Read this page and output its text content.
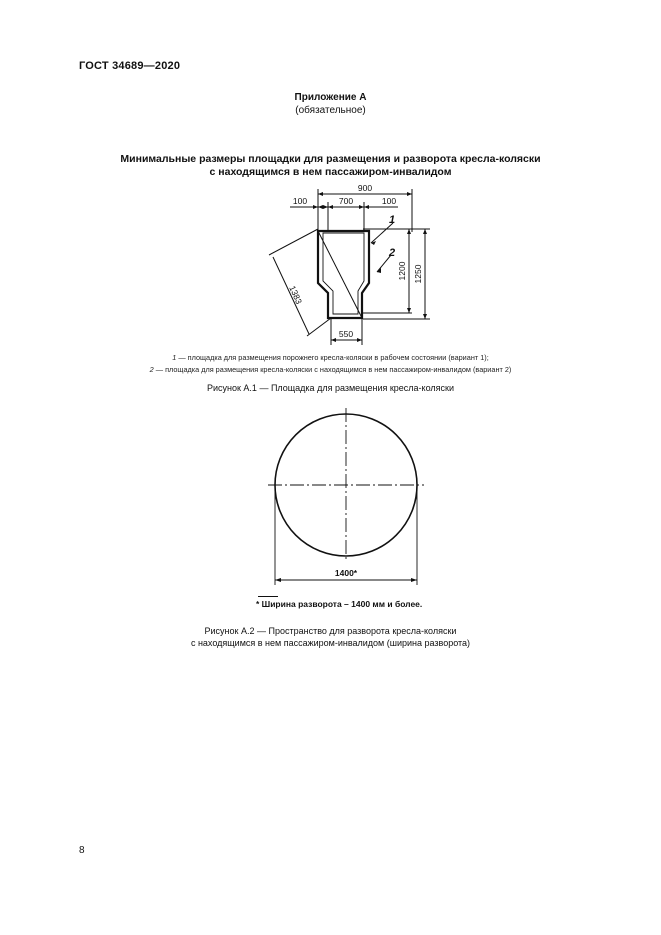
ГОСТ 34689—2020
Приложение А
(обязательное)
Минимальные размеры площадки для размещения и разворота кресла-коляски
с находящимся в нем пассажиром-инвалидом
900
100	700	100
1200 1250
1383
550
1
2
1 — площадка для размещения порожнего кресла-коляски в рабочем состоянии (вариант 1);
2 — площадка для размещения кресла-коляски с находящимся в нем пассажиром-инвалидом (вариант 2)
Рисунок А.1 — Площадка для размещения кресла-коляски
1400*
* Ширина разворота – 1400 мм и более.
Рисунок А.2 — Пространство для разворота кресла-коляски
с находящимся в нем пассажиром-инвалидом (ширина разворота)
8
